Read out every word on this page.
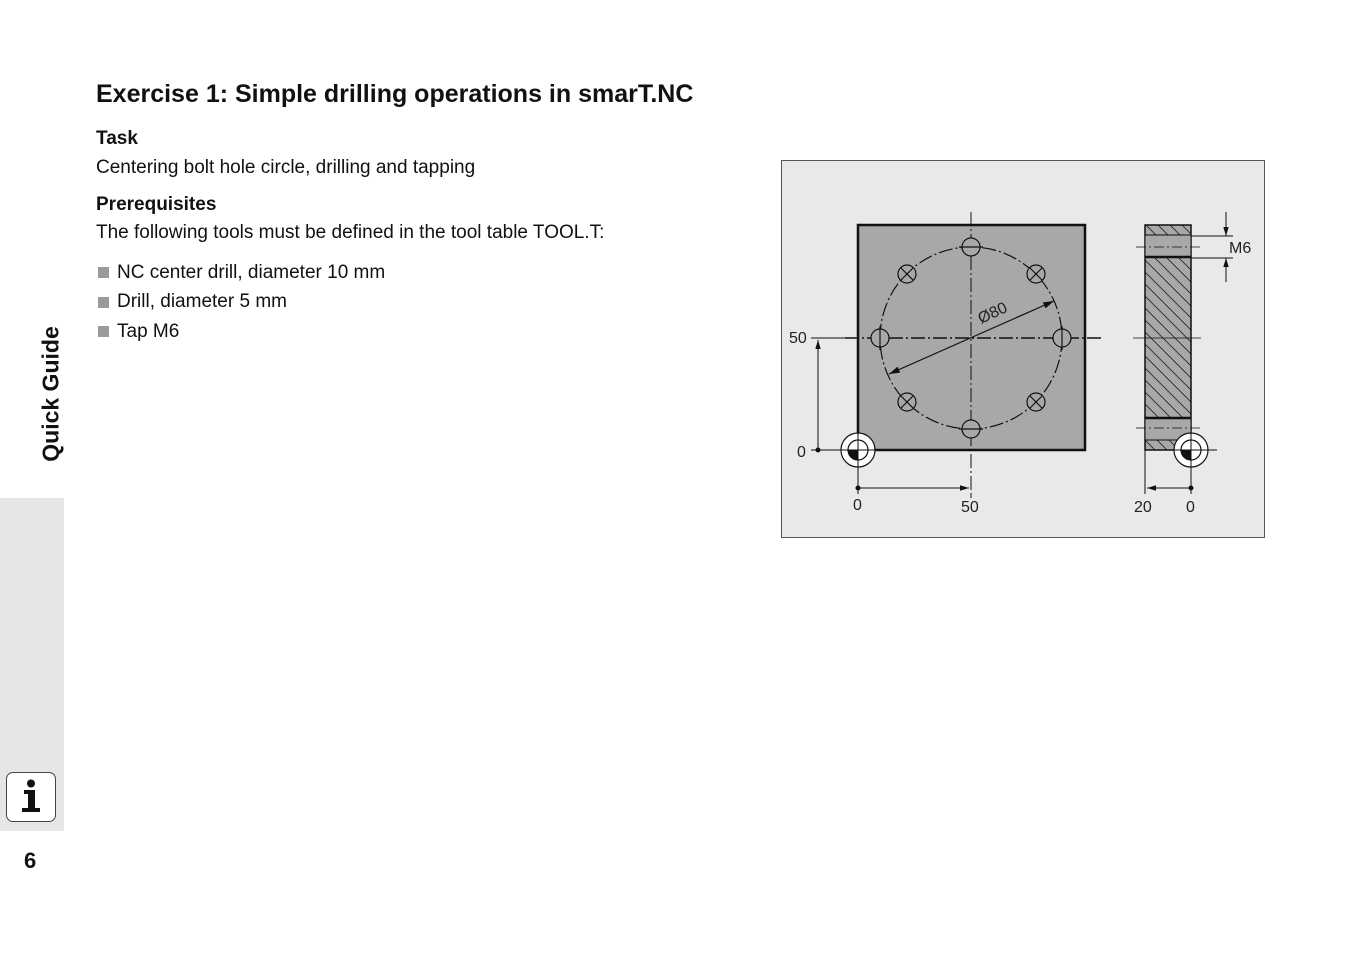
Quick Guide
6
Exercise 1: Simple drilling operations in smarT.NC
Task

Centering bolt hole circle, drilling and tapping

Prerequisites

The following tools must be defined in the tool table TOOL.T:

NC center drill, diameter 10 mm
Drill, diameter 5 mm
Tap M6
Ø80
50
0
0	50
M6
20 0
